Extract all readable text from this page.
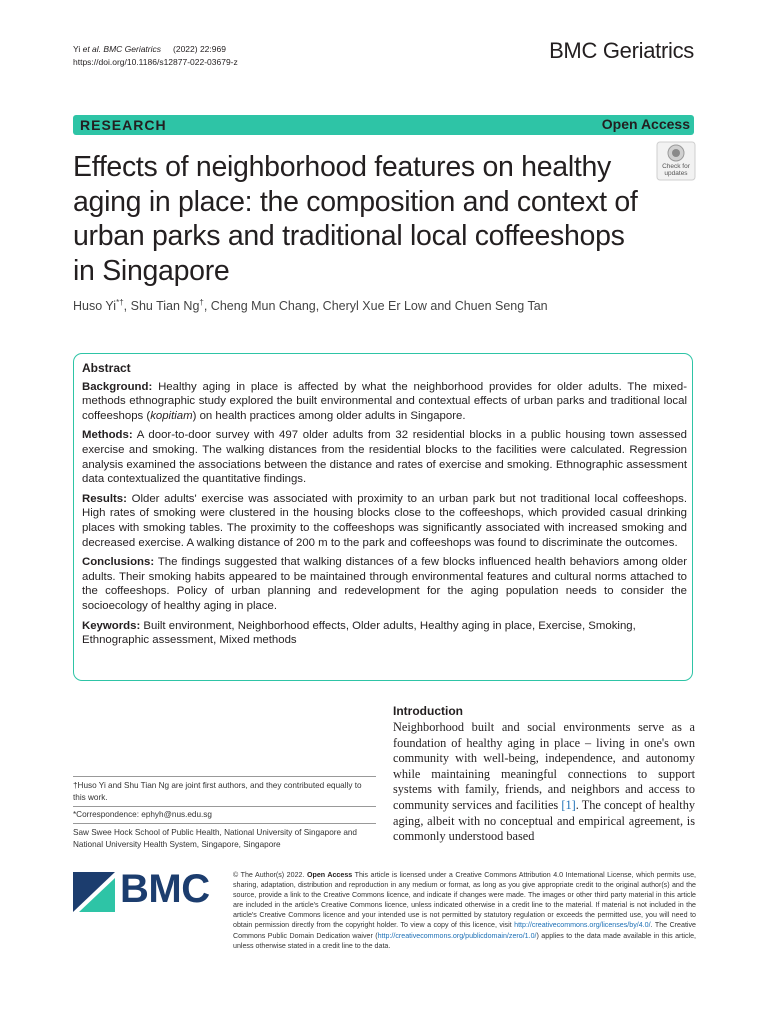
Yi et al. BMC Geriatrics (2022) 22:969
https://doi.org/10.1186/s12877-022-03679-z	BMC Geriatrics
RESEARCH	Open Access
Effects of neighborhood features on healthy aging in place: the composition and context of urban parks and traditional local coffeeshops in Singapore
Check for updates
Huso Yi*†, Shu Tian Ng†, Cheng Mun Chang, Cheryl Xue Er Low and Chuen Seng Tan
Abstract

Background: Healthy aging in place is affected by what the neighborhood provides for older adults. The mixed-methods ethnographic study explored the built environmental and contextual effects of urban parks and traditional local coffeeshops (kopitiam) on health practices among older adults in Singapore.

Methods: A door-to-door survey with 497 older adults from 32 residential blocks in a public housing town assessed exercise and smoking. The walking distances from the residential blocks to the facilities were calculated. Regression analysis examined the associations between the distance and rates of exercise and smoking. Ethnographic assessment data contextualized the quantitative findings.

Results: Older adults' exercise was associated with proximity to an urban park but not traditional local coffeeshops. High rates of smoking were clustered in the housing blocks close to the coffeeshops, which provided casual drinking places with smoking tables. The proximity to the coffeeshops was significantly associated with increased smoking and decreased exercise. A walking distance of 200 m to the park and coffeeshops was found to discriminate the outcomes.

Conclusions: The findings suggested that walking distances of a few blocks influenced health behaviors among older adults. Their smoking habits appeared to be maintained through environmental features and cultural norms attached to the coffeeshops. Policy of urban planning and redevelopment for the aging population needs to consider the socioecology of healthy aging in place.

Keywords: Built environment, Neighborhood effects, Older adults, Healthy aging in place, Exercise, Smoking, Ethnographic assessment, Mixed methods

Introduction
Neighborhood built and social environments serve as a foundation of healthy aging in place – living in one's own community with well-being, independence, and autonomy while maintaining meaningful connections to support systems with family, friends, and neighbors and access to community services and facilities [1]. The concept of healthy aging, albeit with no conceptual and empirical agreement, is commonly understood based
†Huso Yi and Shu Tian Ng are joint first authors, and they contributed equally to this work.
*Correspondence: ephyh@nus.edu.sg
Saw Swee Hock School of Public Health, National University of Singapore and National University Health System, Singapore, Singapore
BMC	© The Author(s) 2022. Open Access This article is licensed under a Creative Commons Attribution 4.0 International License, which permits use, sharing, adaptation, distribution and reproduction in any medium or format, as long as you give appropriate credit to the original author(s) and the source, provide a link to the Creative Commons licence, and indicate if changes were made. The images or other third party material in this article are included in the article's Creative Commons licence, unless indicated otherwise in a credit line to the material. If material is not included in the article's Creative Commons licence and your intended use is not permitted by statutory regulation or exceeds the permitted use, you will need to obtain permission directly from the copyright holder. To view a copy of this licence, visit http://creativecommons.org/licenses/by/4.0/. The Creative Commons Public Domain Dedication waiver (http://creativecommons.org/publicdomain/zero/1.0/) applies to the data made available in this article, unless otherwise stated in a credit line to the data.
